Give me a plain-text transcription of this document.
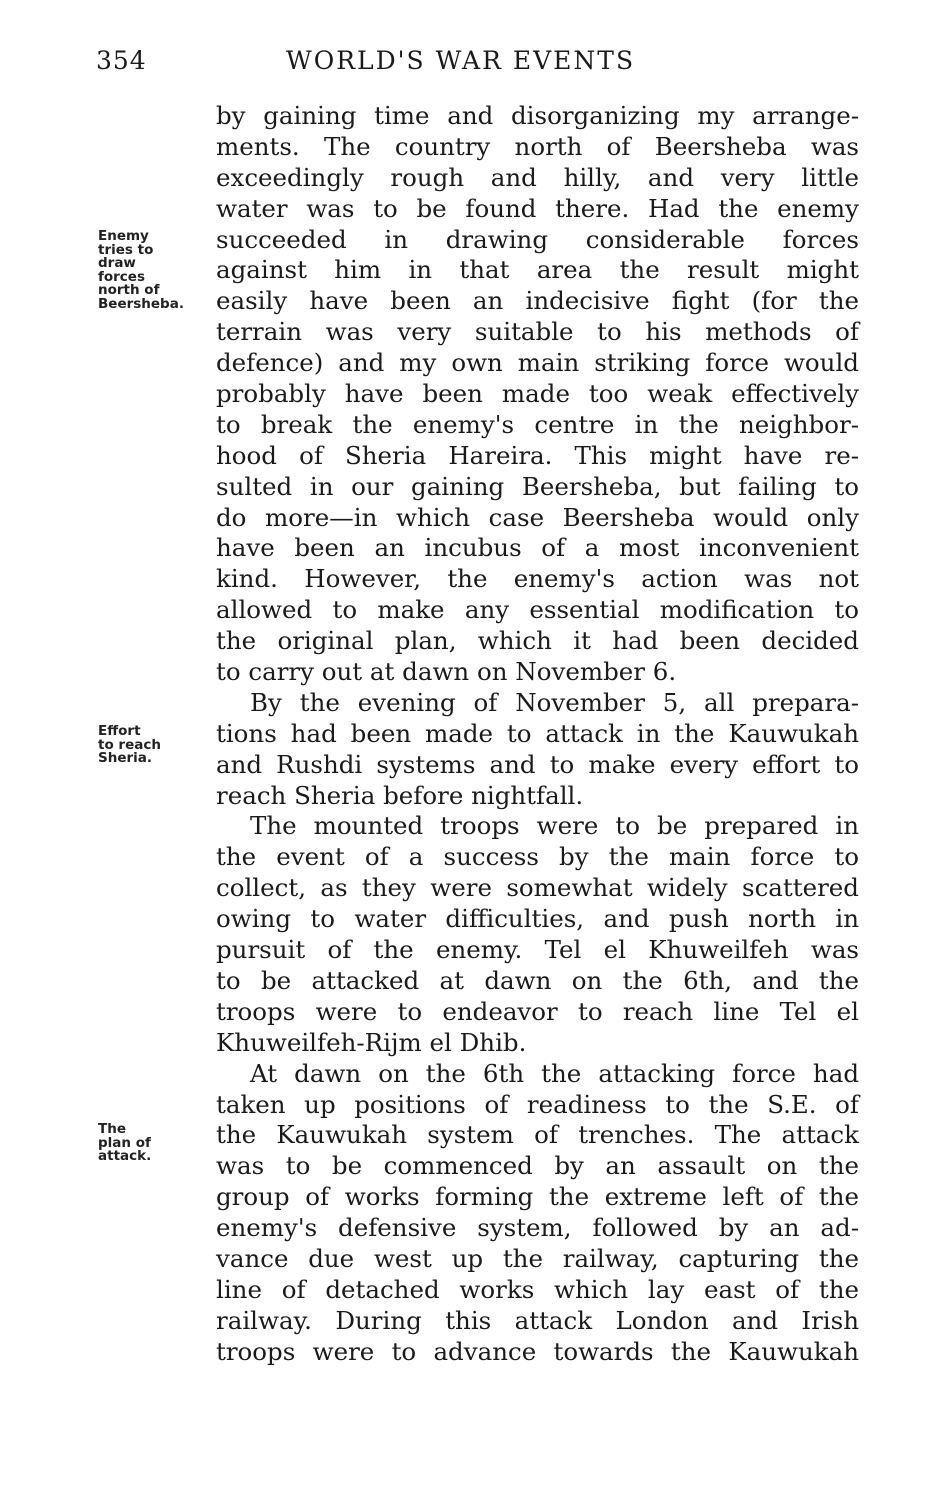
354	WORLD'S WAR EVENTS
Enemy
tries to
draw
forces
north of
Beersheba.
Effort
to reach
Sheria.
The
plan of
attack.
by gaining time and disorganizing my arrange-
ments. The country north of Beersheba was
exceedingly rough and hilly, and very little
water was to be found there. Had the enemy
succeeded in drawing considerable forces
against him in that area the result might
easily have been an indecisive fight (for the
terrain was very suitable to his methods of
defence) and my own main striking force would
probably have been made too weak effectively
to break the enemy's centre in the neighbor-
hood of Sheria Hareira. This might have re-
sulted in our gaining Beersheba, but failing to
do more—in which case Beersheba would only
have been an incubus of a most inconvenient
kind. However, the enemy's action was not
allowed to make any essential modification to
the original plan, which it had been decided
to carry out at dawn on November 6.
By the evening of November 5, all prepara-
tions had been made to attack in the Kauwukah
and Rushdi systems and to make every effort to
reach Sheria before nightfall.
The mounted troops were to be prepared in
the event of a success by the main force to
collect, as they were somewhat widely scattered
owing to water difficulties, and push north in
pursuit of the enemy. Tel el Khuweilfeh was
to be attacked at dawn on the 6th, and the
troops were to endeavor to reach line Tel el
Khuweilfeh-Rijm el Dhib.
At dawn on the 6th the attacking force had
taken up positions of readiness to the S.E. of
the Kauwukah system of trenches. The attack
was to be commenced by an assault on the
group of works forming the extreme left of the
enemy's defensive system, followed by an ad-
vance due west up the railway, capturing the
line of detached works which lay east of the
railway. During this attack London and Irish
troops were to advance towards the Kauwukah
